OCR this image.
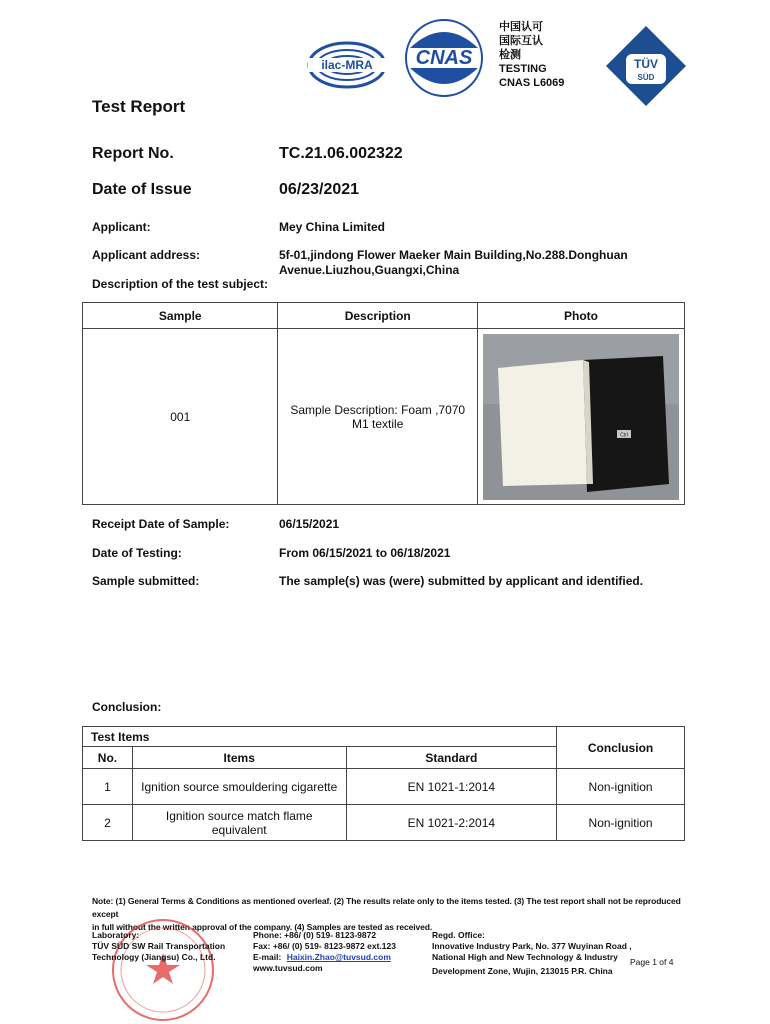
ilac-MRA CNAS
中国认可
国际互认
检测
TESTING
CNAS L6069
TÜV
SÜD
Test Report
Report No.	TC.21.06.002322
Date of Issue	06/23/2021
Applicant:	Mey China Limited
Applicant address:	5f-01,jindong Flower Maeker Main Building,No.288.Donghuan
Avenue.Liuzhou,Guangxi,China
Description of the test subject:
Sample	Description	Photo
001	Sample Description: Foam ,7070
M1 textile	Ctrl
Receipt Date of Sample:	06/15/2021
Date of Testing:	From 06/15/2021 to 06/18/2021
Sample submitted:	The sample(s) was (were) submitted by applicant and identified.
Conclusion:
Test Items			Conclusion
No.	Items	Standard	
1	Ignition source smouldering cigarette	EN 1021-1:2014	Non-ignition
2	Ignition source match flame
equivalent	EN 1021-2:2014	Non-ignition
Note: (1) General Terms & Conditions as mentioned overleaf. (2) The results relate only to the items tested. (3) The test report shall not be reproduced except
in full without the written approval of the company. (4) Samples are tested as received.
Laboratory:
TÜV SÜD SW Rail Transportation
Technology (Jiangsu) Co., Ltd.
Phone: +86/ (0) 519- 8123-9872
Fax: +86/ (0) 519- 8123-9872 ext.123
E-mail: Haixin.Zhao@tuvsud.com
www.tuvsud.com
Regd. Office:
Innovative Industry Park, No. 377 Wuyinan Road ,
National High and New Technology & Industry
Development Zone, Wujin, 213015 P.R. China
Page 1 of 4
